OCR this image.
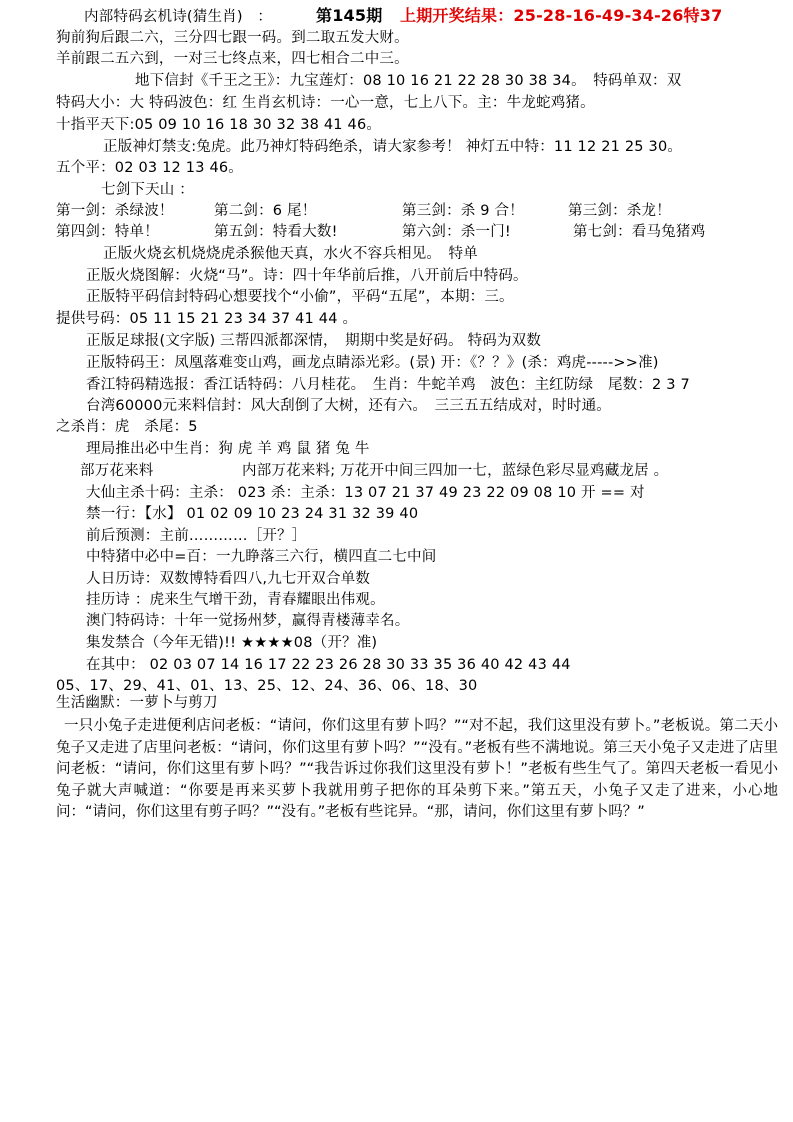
内部特码玄机诗(猜生肖)　：	第145期 上期开奖结果：25-28-16-49-34-26特37
狗前狗后跟二六，三分四七跟一码。到二取五发大财。
羊前跟二五六到，一对三七终点来，四七相合二中三。
地下信封《千王之王》：九宝莲灯：08 10 16 21 22 28 30 38 34。　特码单双：双
特码大小：大 特码波色：红 生肖玄机诗：一心一意，七上八下。主：牛龙蛇鸡猪。
十指平天下:05 09 10 16 18 30 32 38 41 46。
正版神灯禁支:兔虎。此乃神灯特码绝杀，请大家参考！ 神灯五中特：11 12 21 25 30。
五个平：02 03 12 13 46。
七剑下天山 ：
第一剑：杀绿波！	第二剑：6 尾！	第三剑：杀 9 合！	第三剑：杀龙！
第四剑：特单！	第五剑：特看大数!	第六剑：杀一门!	第七剑：看马兔猪鸡
正版火烧玄机烧烧虎杀猴他天真，水火不容兵相见。　特单
正版火烧图解：火烧“马”。诗：四十年华前后推，八开前后中特码。
正版特平码信封特码心想要找个“小偷”，平码“五尾”，本期：三。
提供号码：05 11 15 21 23 34 37 41 44 。
正版足球报(文字版) 三帮四派都深情，　期期中奖是好码。 特码为双数
正版特码王：凤凰落难变山鸡，画龙点睛添光彩。(景) 开：《？？》(杀：鸡虎----->>准)
香江特码精选报：香江话特码：八月桂花。　生肖：牛蛇羊鸡　波色：主红防绿　尾数：2 3 7
台湾60000元来料信封：风大刮倒了大树，还有六。　三三五五结成对，时时通。
之杀肖：虎　杀尾：5
理局推出必中生肖：狗 虎 羊 鸡 鼠 猪 兔 牛
部万花来料	内部万花来料; 万花开中间三四加一七，蓝绿色彩尽显鸡藏龙居 。
大仙主杀十码：主杀： 023 杀：主杀：13 07 21 37 49 23 22 09 08 10 开 == 对
禁一行：【水】 01 02 09 10 23 24 31 32 39 40
前后预测：主前…………［开？］
中特猪中必中=百：一九睁落三六行，横四直二七中间
人日历诗：双数博特看四八,九七开双合单数
挂历诗 ：虎来生气增干劲，青春耀眼出伟观。
澳门特码诗：十年一觉扬州梦，赢得青楼薄幸名。
集发禁合（今年无错)!! ★★★★08（开？准)
在其中： 02 03 07 14 16 17 22 23 26 28 30 33 35 36 40 42 43 44
05、17、29、41、01、13、25、12、24、36、06、18、30
生活幽默：一萝卜与剪刀
一只小兔子走进便利店问老板：“请问，你们这里有萝卜吗？”“对不起，我们这里没有萝卜。”老板说。第二天小兔子又走进了店里问老板：“请问，你们这里有萝卜吗？”“没有。”老板有些不满地说。第三天小兔子又走进了店里问老板：“请问，你们这里有萝卜吗？”“我告诉过你我们这里没有萝卜！”老板有些生气了。第四天老板一看见小兔子就大声喊道：“你要是再来买萝卜我就用剪子把你的耳朵剪下来。”第五天，小兔子又走了进来，小心地问：“请问，你们这里有剪子吗？”“没有。”老板有些诧异。“那，请问，你们这里有萝卜吗？”
